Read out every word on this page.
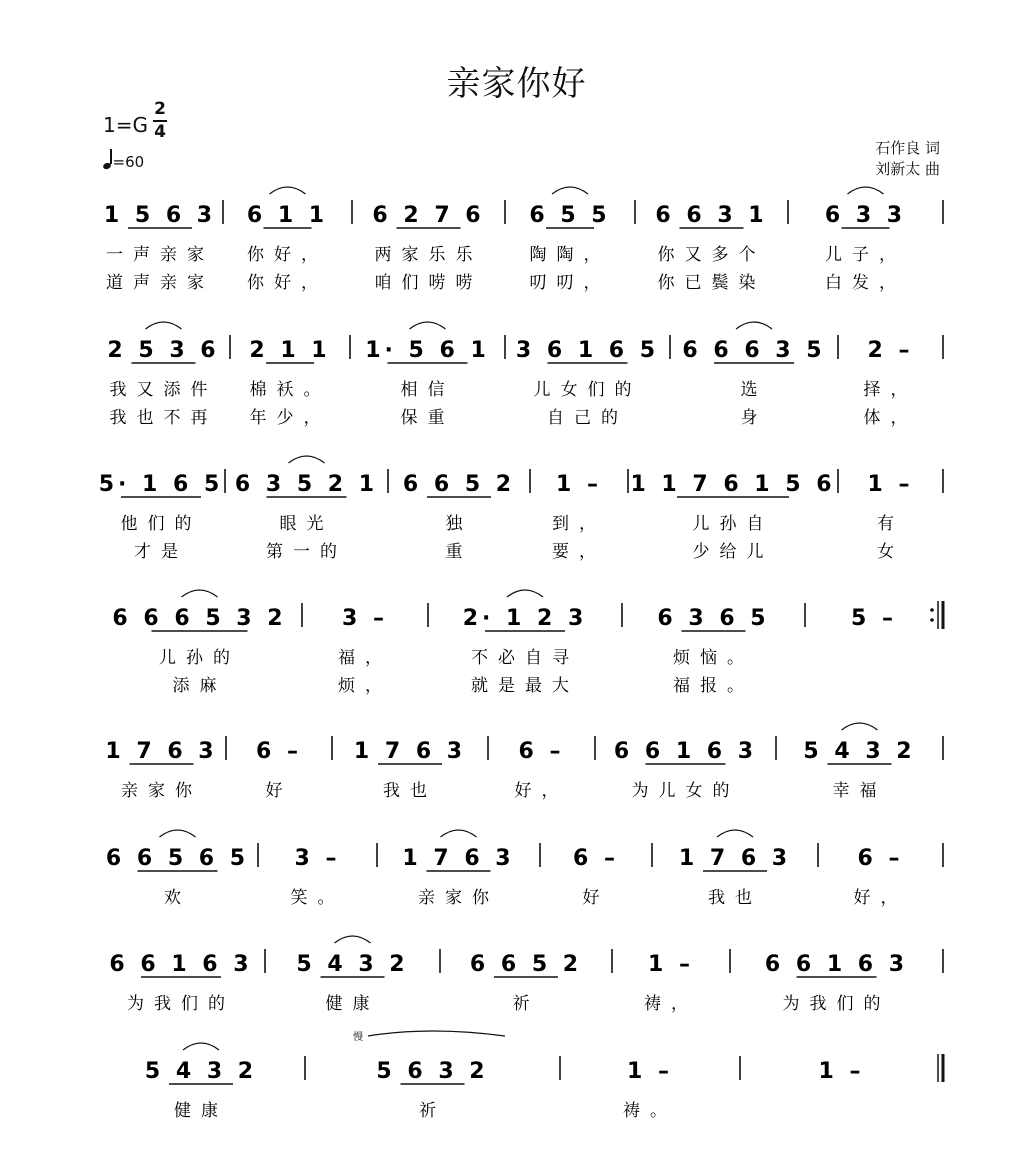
亲家你好
1=G
2
4
=60
石作良 词
刘新太 曲
1 5 6 3
一声亲家
道声亲家
6 1 1
你好，
你好，
6 2 7 6
两家乐乐
咱们唠唠
6 5 5
陶陶，
叨叨，
6 6 3 1
你又多个
你已鬓染
6 3 3
儿子，
白发，
2 5 3 6
我又添件
我也不再
2 1 1
棉袄。
年少，
1· 5 6 1
相信
保重
3 6 1 6 5
儿女们的
自己的
6 6 6 3 5
选
身
2 –
择，
体，
5· 1 6 5
他们的
才是
6 3 5 2 1
眼光
第一的
6 6 5 2
独
重
1 –
到，
要，
1 1 7 6 1 5 6
儿孙自
少给儿
1 –
有
女
6 6 6 5 3 2
儿孙的
添麻
3 –
福，
烦，
2· 1 2 3
不必自寻
就是最大
6 3 6 5
烦恼。
福报。
5 –
1 7 6 3
亲家你
6 –
好
1 7 6 3
我也
6 –
好，
6 6 1 6 3
为儿女的
5 4 3 2
幸福
6 6 5 6 5
欢
3 –
笑。
1 7 6 3
亲家你
6 –
好
1 7 6 3
我也
6 –
好，
6 6 1 6 3
为我们的
5 4 3 2
健康
6 6 5 2
祈
1 –
祷，
6 6 1 6 3
为我们的
5 4 3 2
健康
5 6 3 2
祈
1 –
祷。
1 –
慢
